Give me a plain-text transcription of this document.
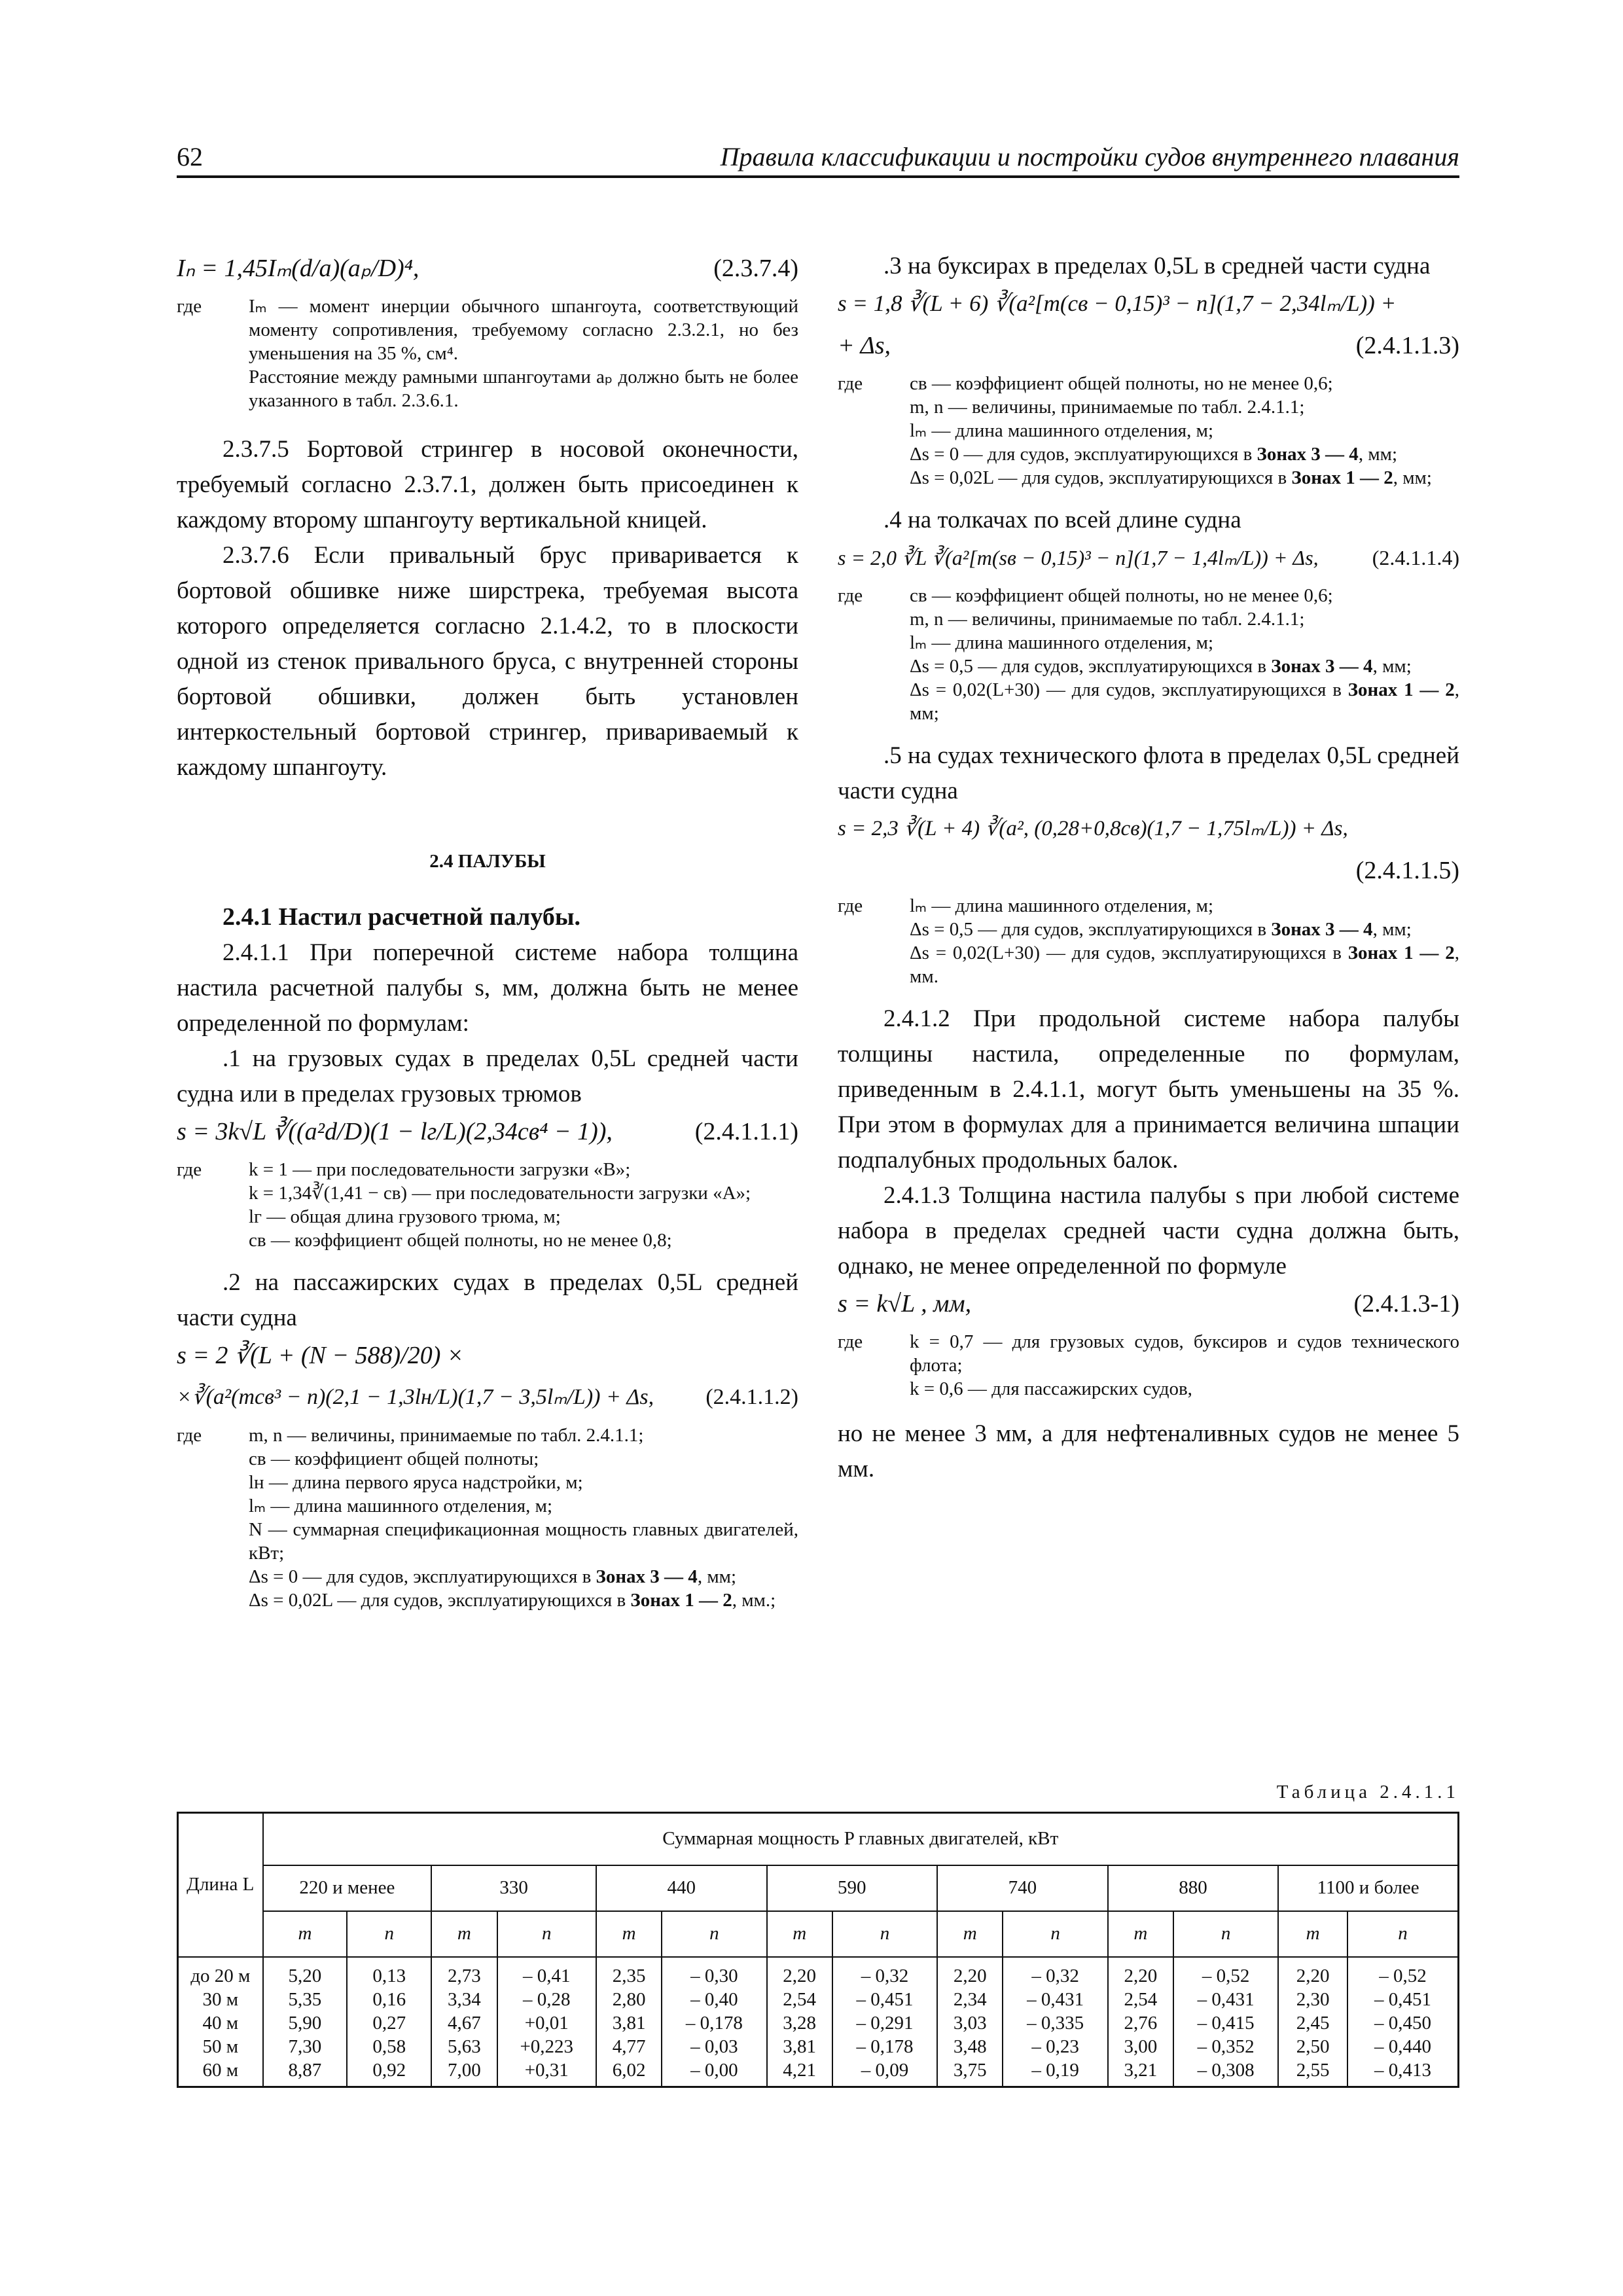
62	Правила классификации и постройки судов внутреннего плавания
Iₙ = 1,45Iₘ(d/a)(aₚ/D)⁴,	(2.3.7.4)
где	Iₘ — момент инерции обычного шпангоута, соответствующий моменту сопротивления, требуемому согласно 2.3.2.1, но без уменьшения на 35 %, см⁴.
Расстояние между рамными шпангоутами aₚ должно быть не более указанного в табл. 2.3.6.1.

2.3.7.5 Бортовой стрингер в носовой оконечности, требуемый согласно 2.3.7.1, должен быть присоединен к каждому второму шпангоуту вертикальной кницей.

2.3.7.6 Если привальный брус приваривается к бортовой обшивке ниже ширстрека, требуемая высота которого определяется согласно 2.1.4.2, то в плоскости одной из стенок привального бруса, с внутренней стороны бортовой обшивки, должен быть установлен интеркостельный бортовой стрингер, привариваемый к каждому шпангоуту.

2.4 ПАЛУБЫ
2.4.1 Настил расчетной палубы.

2.4.1.1 При поперечной системе набора толщина настила расчетной палубы s, мм, должна быть не менее определенной по формулам:

.1 на грузовых судах в пределах 0,5L средней части судна или в пределах грузовых трюмов

s = 3k√L ∛((a²d/D)(1 − lг/L)(2,34cв⁴ − 1)),	(2.4.1.1.1)
где	k = 1 — при последовательности загрузки «В»;
k = 1,34∛(1,41 − cв) — при последовательности загрузки «А»;
lг — общая длина грузового трюма, м;
cв — коэффициент общей полноты, но не менее 0,8;

.2 на пассажирских судах в пределах 0,5L средней части судна

s = 2 ∛(L + (N − 588)/20) ×
×∛(a²(mcв³ − n)(2,1 − 1,3lн/L)(1,7 − 3,5lₘ/L)) + Δs, (2.4.1.1.2)
где	m, n — величины, принимаемые по табл. 2.4.1.1;
cв — коэффициент общей полноты;
lн — длина первого яруса надстройки, м;
lₘ — длина машинного отделения, м;
N — суммарная спецификационная мощность главных двигателей, кВт;
Δs = 0 — для судов, эксплуатирующихся в Зонах 3 — 4, мм;
Δs = 0,02L — для судов, эксплуатирующихся в Зонах 1 — 2, мм.;

.3 на буксирах в пределах 0,5L в средней части судна

s = 1,8 ∛(L + 6) ∛(a²[m(cв − 0,15)³ − n](1,7 − 2,34lₘ/L)) +
+ Δs,	(2.4.1.1.3)
где	cв — коэффициент общей полноты, но не менее 0,6;
m, n — величины, принимаемые по табл. 2.4.1.1;
lₘ — длина машинного отделения, м;
Δs = 0 — для судов, эксплуатирующихся в Зонах 3 — 4, мм;
Δs = 0,02L — для судов, эксплуатирующихся в Зонах 1 — 2, мм;

.4 на толкачах по всей длине судна

s = 2,0 ∛L ∛(a²[m(sв − 0,15)³ − n](1,7 − 1,4lₘ/L)) + Δs,	(2.4.1.1.4)
где	cв — коэффициент общей полноты, но не менее 0,6;
m, n — величины, принимаемые по табл. 2.4.1.1;
lₘ — длина машинного отделения, м;
Δs = 0,5 — для судов, эксплуатирующихся в Зонах 3 — 4, мм;
Δs = 0,02(L+30) — для судов, эксплуатирующихся в Зонах 1 — 2, мм;

.5 на судах технического флота в пределах 0,5L средней части судна

s = 2,3 ∛(L + 4) ∛(a², (0,28+0,8cв)(1,7 − 1,75lₘ/L)) + Δs,
(2.4.1.1.5)
где	lₘ — длина машинного отделения, м;
Δs = 0,5 — для судов, эксплуатирующихся в Зонах 3 — 4, мм;
Δs = 0,02(L+30) — для судов, эксплуатирующихся в Зонах 1 — 2, мм.

2.4.1.2 При продольной системе набора палубы толщины настила, определенные по формулам, приведенным в 2.4.1.1, могут быть уменьшены на 35 %. При этом в формулах для a принимается величина шпации подпалубных продольных балок.

2.4.1.3 Толщина настила палубы s при любой системе набора в пределах средней части судна должна быть, однако, не менее определенной по формуле

s = k√L , мм,	(2.4.1.3-1)
где	k = 0,7 — для грузовых судов, буксиров и судов технического флота;
k = 0,6 — для пассажирских судов,

но не менее 3 мм, а для нефтеналивных судов не менее 5 мм.

Таблица 2.4.1.1
Длина L	Суммарная мощность P главных двигателей, кВт													
	220 и менее		330		440		590		740		880		1100 и более	
	m	n	m	n	m	n	m	n	m	n	m	n	m	n
до 20 м	5,20	0,13	2,73	– 0,41	2,35	– 0,30	2,20	– 0,32	2,20	– 0,32	2,20	– 0,52	2,20	– 0,52
30 м	5,35	0,16	3,34	– 0,28	2,80	– 0,40	2,54	– 0,451	2,34	– 0,431	2,54	– 0,431	2,30	– 0,451
40 м	5,90	0,27	4,67	+0,01	3,81	– 0,178	3,28	– 0,291	3,03	– 0,335	2,76	– 0,415	2,45	– 0,450
50 м	7,30	0,58	5,63	+0,223	4,77	– 0,03	3,81	– 0,178	3,48	– 0,23	3,00	– 0,352	2,50	– 0,440
60 м	8,87	0,92	7,00	+0,31	6,02	– 0,00	4,21	– 0,09	3,75	– 0,19	3,21	– 0,308	2,55	– 0,413
